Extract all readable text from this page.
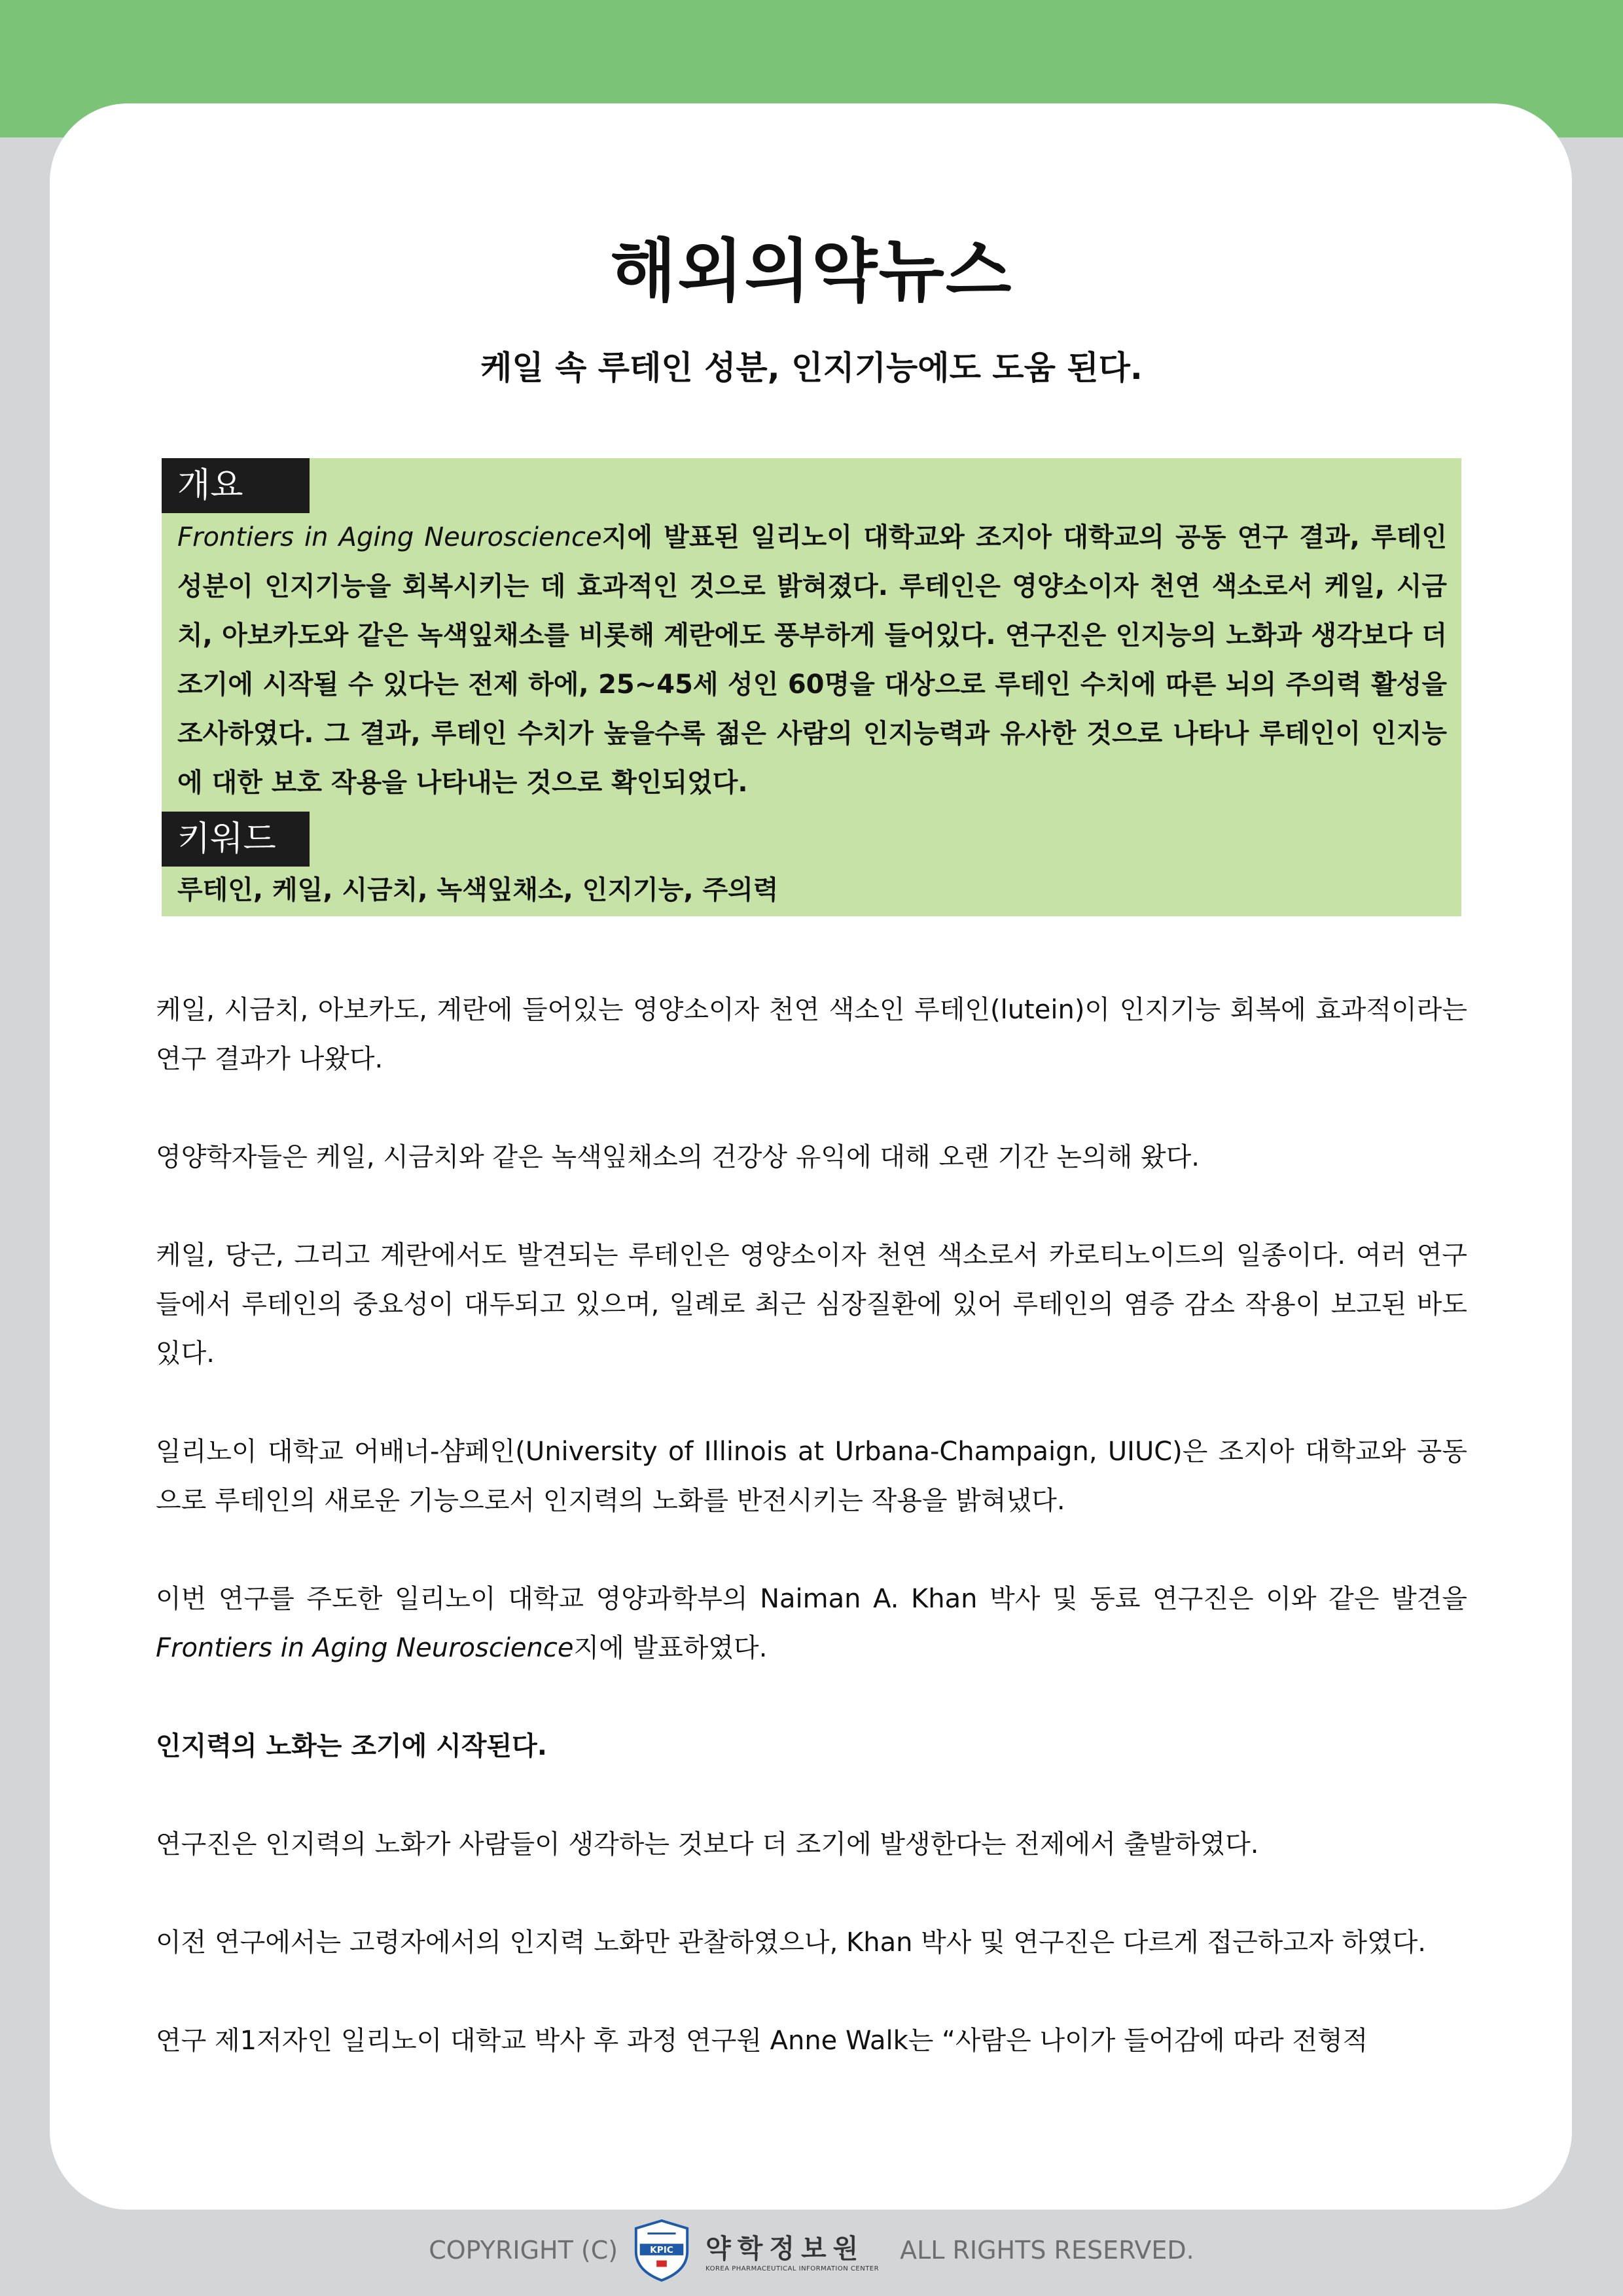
해외의약뉴스
케일 속 루테인 성분, 인지기능에도 도움 된다.
개요

Frontiers in Aging Neuroscience지에 발표된 일리노이 대학교와 조지아 대학교의 공동 연구 결과, 루테인 성분이 인지기능을 회복시키는 데 효과적인 것으로 밝혀졌다. 루테인은 영양소이자 천연 색소로서 케일, 시금치, 아보카도와 같은 녹색잎채소를 비롯해 계란에도 풍부하게 들어있다. 연구진은 인지능의 노화과 생각보다 더 조기에 시작될 수 있다는 전제 하에, 25~45세 성인 60명을 대상으로 루테인 수치에 따른 뇌의 주의력 활성을 조사하였다. 그 결과, 루테인 수치가 높을수록 젊은 사람의 인지능력과 유사한 것으로 나타나 루테인이 인지능에 대한 보호 작용을 나타내는 것으로 확인되었다.

키워드

루테인, 케일, 시금치, 녹색잎채소, 인지기능, 주의력

케일, 시금치, 아보카도, 계란에 들어있는 영양소이자 천연 색소인 루테인(lutein)이 인지기능 회복에 효과적이라는 연구 결과가 나왔다.

영양학자들은 케일, 시금치와 같은 녹색잎채소의 건강상 유익에 대해 오랜 기간 논의해 왔다.

케일, 당근, 그리고 계란에서도 발견되는 루테인은 영양소이자 천연 색소로서 카로티노이드의 일종이다. 여러 연구들에서 루테인의 중요성이 대두되고 있으며, 일례로 최근 심장질환에 있어 루테인의 염증 감소 작용이 보고된 바도 있다.

일리노이 대학교 어배너-샴페인(University of Illinois at Urbana-Champaign, UIUC)은 조지아 대학교와 공동으로 루테인의 새로운 기능으로서 인지력의 노화를 반전시키는 작용을 밝혀냈다.

이번 연구를 주도한 일리노이 대학교 영양과학부의 Naiman A. Khan 박사 및 동료 연구진은 이와 같은 발견을 Frontiers in Aging Neuroscience지에 발표하였다.

인지력의 노화는 조기에 시작된다.

연구진은 인지력의 노화가 사람들이 생각하는 것보다 더 조기에 발생한다는 전제에서 출발하였다.

이전 연구에서는 고령자에서의 인지력 노화만 관찰하였으나, Khan 박사 및 연구진은 다르게 접근하고자 하였다.

연구 제1저자인 일리노이 대학교 박사 후 과정 연구원 Anne Walk는 “사람은 나이가 들어감에 따라 전형적

COPYRIGHT (C)	KPIC 약학정보원
KOREA PHARMACEUTICAL INFORMATION CENTER
ALL RIGHTS RESERVED.
